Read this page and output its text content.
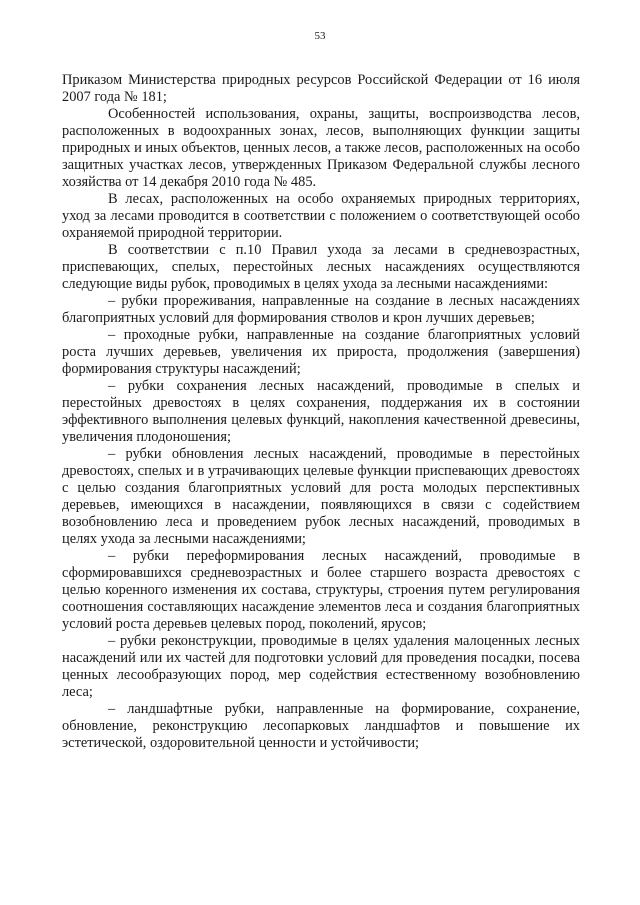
53

Приказом Министерства природных ресурсов Российской Федерации от 16 июля 2007 года № 181;

Особенностей использования, охраны, защиты, воспроизводства лесов, расположенных в водоохранных зонах, лесов, выполняющих функции защиты природных и иных объектов, ценных лесов, а также лесов, расположенных на особо защитных участках лесов, утвержденных Приказом Федеральной службы лесного хозяйства от 14 декабря 2010 года № 485.

В лесах, расположенных на особо охраняемых природных территориях, уход за лесами проводится в соответствии с положением о соответствующей особо охраняемой природной территории.

В соответствии с п.10 Правил ухода за лесами в средневозрастных, приспевающих, спелых, перестойных лесных насаждениях осуществляются следующие виды рубок, проводимых в целях ухода за лесными насаждениями:

– рубки прореживания, направленные на создание в лесных насаждениях благоприятных условий для формирования стволов и крон лучших деревьев;

– проходные рубки, направленные на создание благоприятных условий роста лучших деревьев, увеличения их прироста, продолжения (завершения) формирования структуры насаждений;

– рубки сохранения лесных насаждений, проводимые в спелых и перестойных древостоях в целях сохранения, поддержания их в состоянии эффективного выполнения целевых функций, накопления качественной древесины, увеличения плодоношения;

– рубки обновления лесных насаждений, проводимые в перестойных древостоях, спелых и в утрачивающих целевые функции приспевающих древостоях с целью создания благоприятных условий для роста молодых перспективных деревьев, имеющихся в насаждении, появляющихся в связи с содействием возобновлению леса и проведением рубок лесных насаждений, проводимых в целях ухода за лесными насаждениями;

– рубки переформирования лесных насаждений, проводимые в сформировавшихся средневозрастных и более старшего возраста древостоях с целью коренного изменения их состава, структуры, строения путем регулирования соотношения составляющих насаждение элементов леса и создания благоприятных условий роста деревьев целевых пород, поколений, ярусов;

– рубки реконструкции, проводимые в целях удаления малоценных лесных насаждений или их частей для подготовки условий для проведения посадки, посева ценных лесообразующих пород, мер содействия естественному возобновлению леса;

– ландшафтные рубки, направленные на формирование, сохранение, обновление, реконструкцию лесопарковых ландшафтов и повышение их эстетической, оздоровительной ценности и устойчивости;
